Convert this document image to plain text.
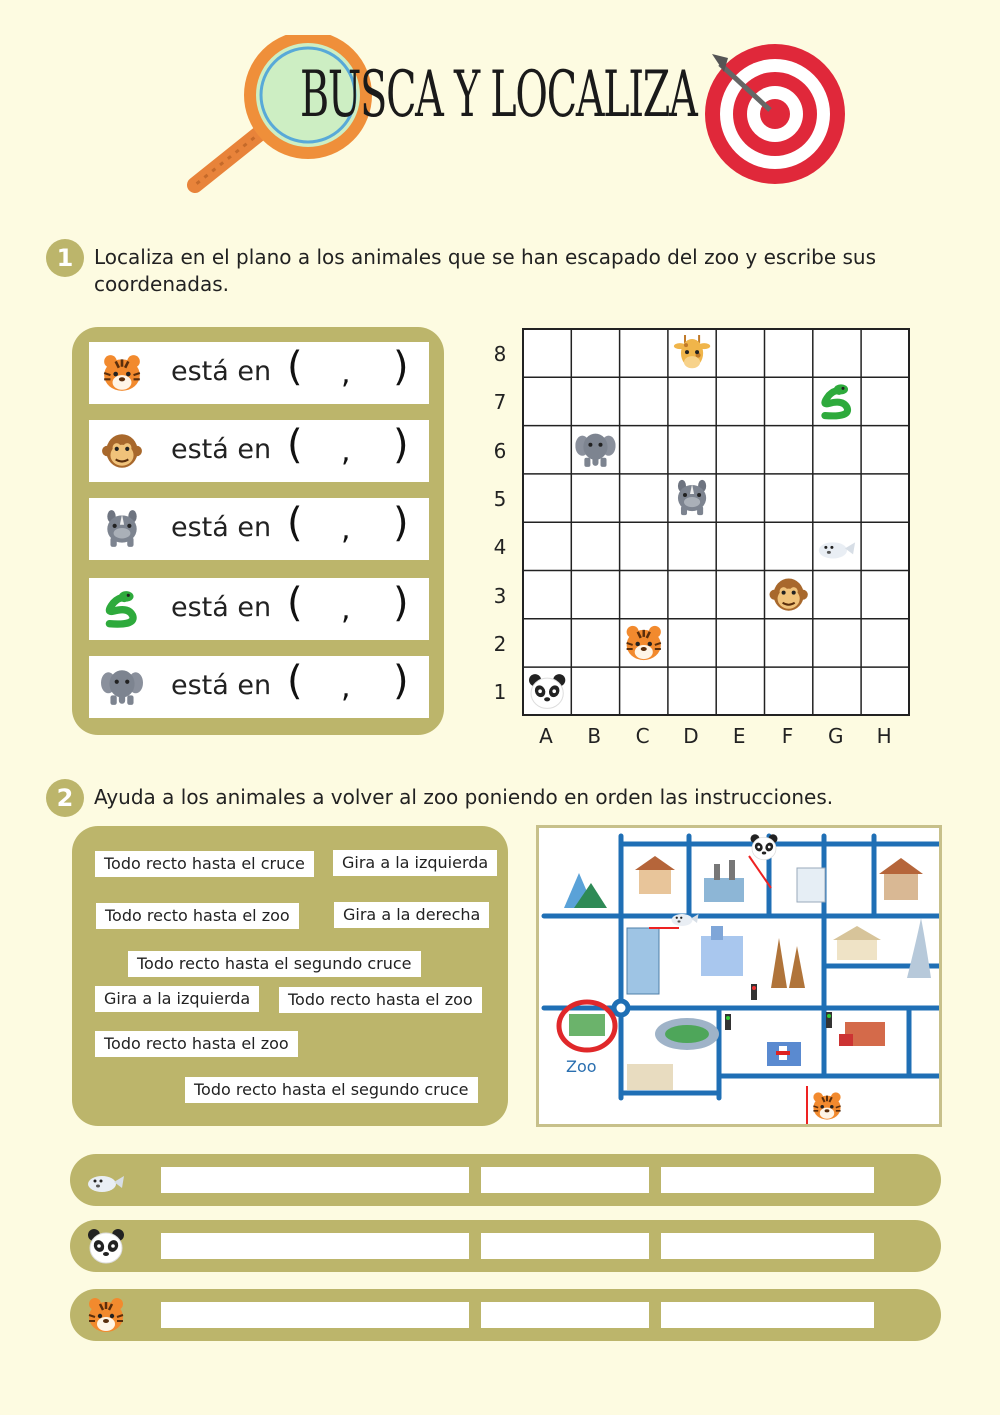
BUSCA Y LOCALIZA
1	Localiza en el plano a los animales que se han escapado del zoo y escribe sus coordenadas.
está en ( , )
está en ( , )
está en ( , )
está en ( , )
está en ( , )
8
7
6
5
4
3
2
1
A	B	C	D	E	F	G	H
2	Ayuda a los animales a volver al zoo poniendo en orden las instrucciones.
Todo recto hasta el cruce	Gira a la izquierda
Todo recto hasta el zoo	Gira a la derecha
Todo recto hasta el segundo cruce
Gira a la izquierda	Todo recto hasta el zoo
Todo recto hasta el zoo
Todo recto hasta el segundo cruce
Zoo
